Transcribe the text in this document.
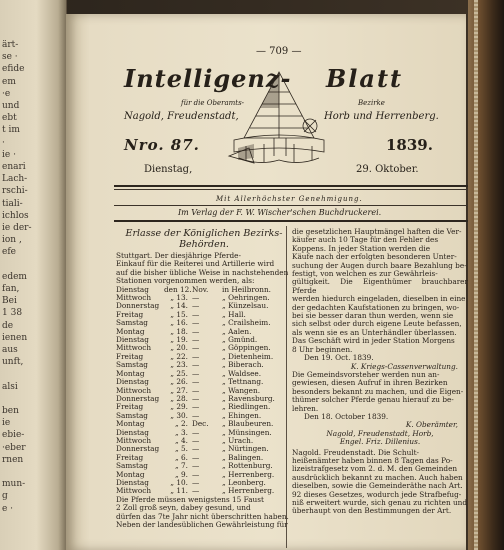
ärt-
se ·
efide
em
·e
und
ebt
t im
·
ie ·
enari
Lach-
rschi-
tiali-
ichlos
ie der-
ion ,
efe
edem
fan,
Bei
1 38
de
ienen
aus
unft,
alsi
ben
ie
ebie-
·eber
rnen
mun-
g
e ·
— 709 —
Intelligenz- Blatt
für die Oberamts-
Nagold, Freudenstadt,
Bezirke
Horb und Herrenberg.
Nro. 87.	1839.
Dienstag,	29. Oktober.
Mit Allerhöchster Genehmigung.
Im Verlag der F. W. Wischer'schen Buchdruckerei.
Erlasse der Königlichen Bezirks-
Behörden.
Stuttgart. Der diesjährige Pferde-
Einkauf für die Reiterei und Artillerie wird
auf die bisher übliche Weise in nachstehenden
Stationen vorgenommen werden, als:
Dienstag	den 12. Nov.	in Heilbronn.
Mittwoch	„ 13. —	„ Oehringen.
Donnerstag	„ 14. —	„ Künzelsau.
Freitag	„ 15. —	„ Hall.
Samstag	„ 16. —	„ Crailsheim.
Montag	„ 18. —	„ Aalen.
Dienstag	„ 19. —	„ Gmünd.
Mittwoch	„ 20. —	„ Göppingen.
Freitag	„ 22. —	„ Dietenheim.
Samstag	„ 23. —	„ Biberach.
Montag	„ 25. —	„ Waldsee.
Dienstag	„ 26. —	„ Tettnang.
Mittwoch	„ 27. —	„ Wangen.
Donnerstag	„ 28. —	„ Ravensburg.
Freitag	„ 29. —	„ Riedlingen.
Samstag	„ 30. —	„ Ehingen.
Montag	„ 2. Dec.	„ Blaubeuren.
Dienstag	„ 3. —	„ Münsingen.
Mittwoch	„ 4. —	„ Urach.
Donnerstag	„ 5. —	„ Nürtingen.
Freitag	„ 6. —	„ Balingen.
Samstag	„ 7. —	„ Rottenburg.
Montag	„ 9. —	„ Herrenberg.
Dienstag	„ 10. —	„ Leonberg.
Mittwoch	„ 11. —	„ Herrenberg.
Die Pferde müssen wenigstens 15 Faust
2 Zoll groß seyn, dabey gesund, und
dürfen das 7te Jahr nicht überschritten haben.
Neben der landesüblichen Gewährleistung für
die gesetzlichen Hauptmängel haften die Ver-
käufer auch 10 Tage für den Fehler des
Koppens. In jeder Station werden die
Käufe nach der erfolgten besonderen Unter-
suchung der Augen durch baare Bezahlung be-
festigt, von welchen es zur Gewährleis-
gültigkeit. Die Eigenthümer brauchbarer Pferde
werden hiedurch eingeladen, dieselben in eine
der gedachten Kaufstationen zu bringen, wo-
bei sie besser daran thun werden, wenn sie
sich selbst oder durch eigene Leute befassen,
als wenn sie es an Unterhändler überlassen.
Das Geschäft wird in jeder Station Morgens
8 Uhr beginnen.
Den 19. Oct. 1839.
K. Kriegs-Cassenverwaltung.
Die Gemeindsvorsteher werden nun an-
gewiesen, diesen Aufruf in ihren Bezirken
besonders bekannt zu machen, und die Eigen-
thümer solcher Pferde genau hierauf zu be-
lehren.
Den 18. October 1839.
K. Oberämter,
Nagold, Freudenstadt, Horb,
Engel. Friz. Dillenius.
Nagold. Freudenstadt. Die Schult-
heißenämter haben binnen 8 Tagen das Po-
lizeistrafgesetz vom 2. d. M. den Gemeinden
ausdrücklich bekannt zu machen. Auch haben
dieselben, sowie die Gemeinderäthe nach Art.
92 dieses Gesetzes, wodurch jede Strafbefug-
niß erweitert wurde, sich genau zu richten und
überhaupt von den Bestimmungen der Art.
